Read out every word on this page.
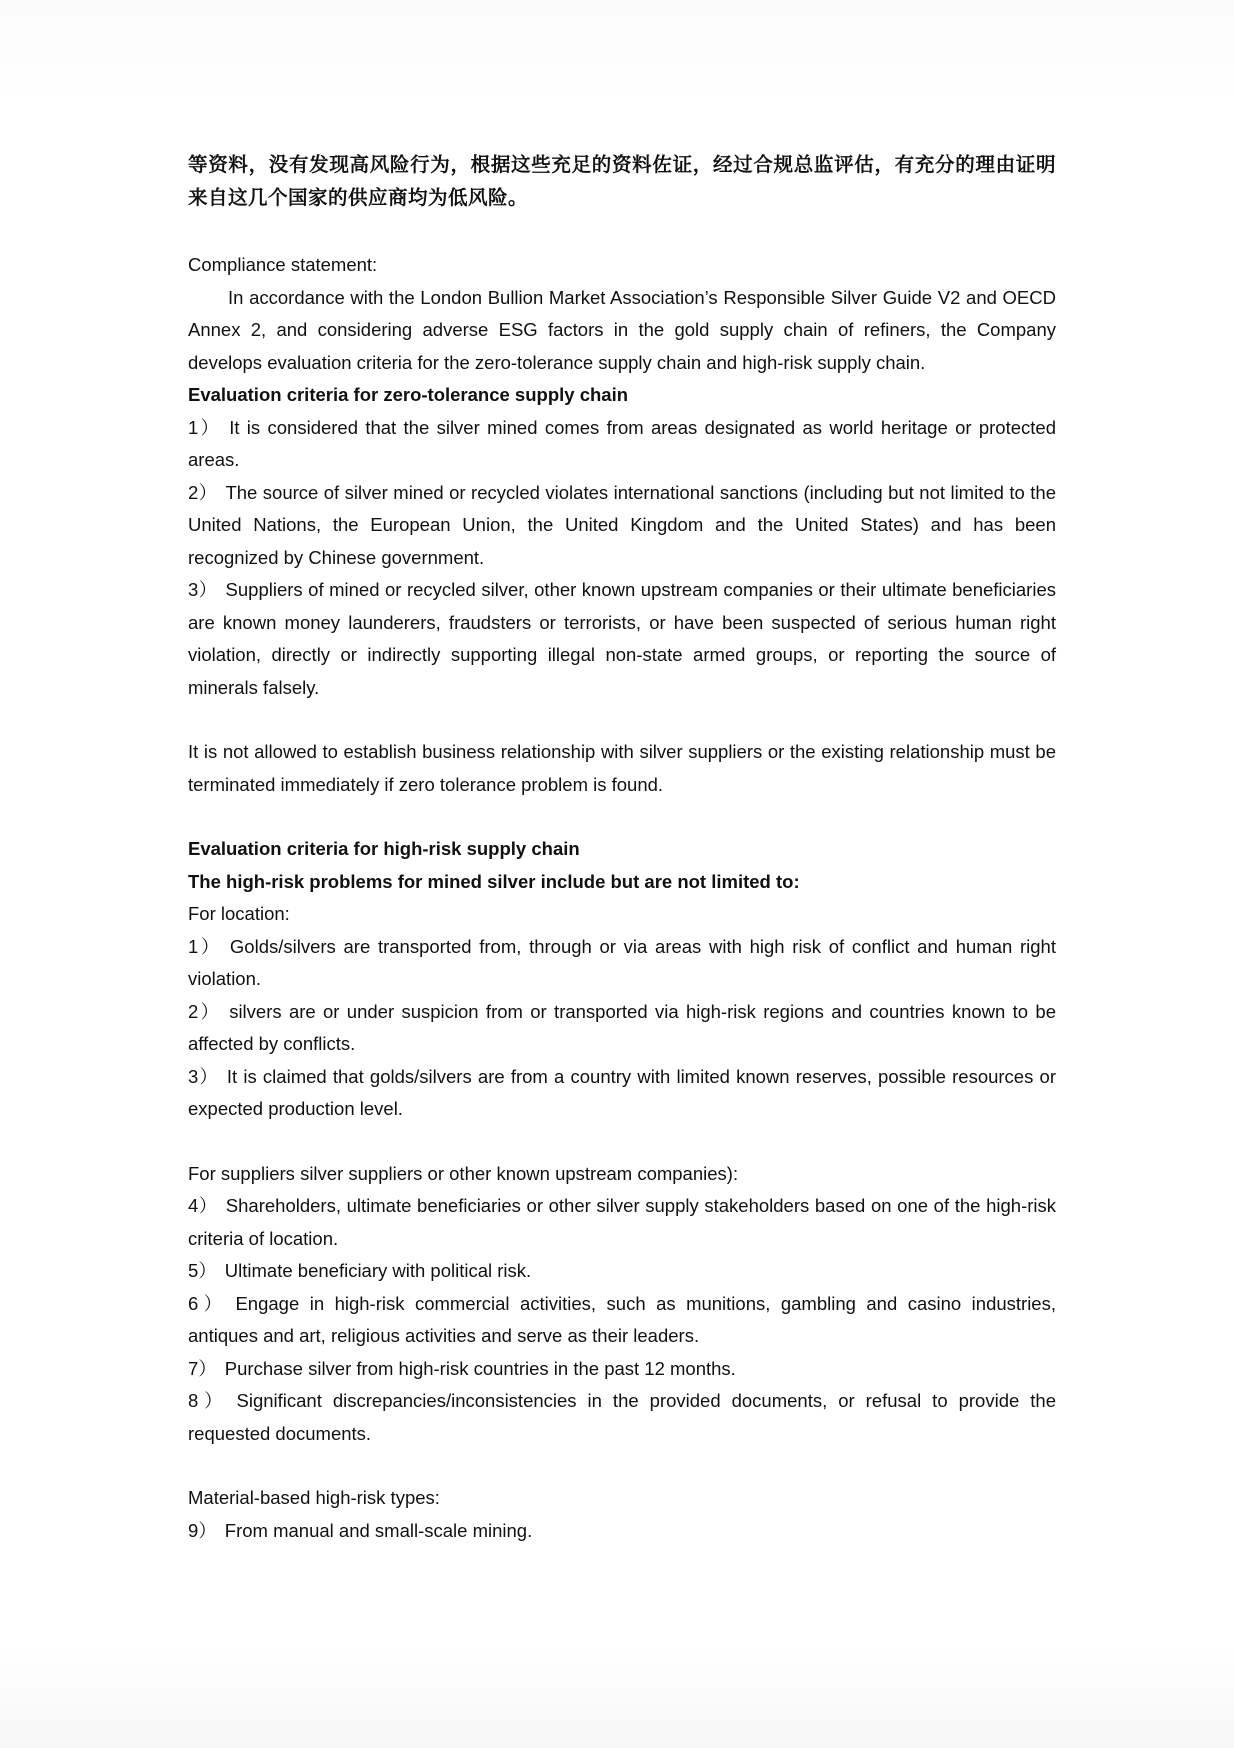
等资料，没有发现高风险行为，根据这些充足的资料佐证，经过合规总监评估，有充分的理由证明来自这几个国家的供应商均为低风险。

Compliance statement:

In accordance with the London Bullion Market Association’s Responsible Silver Guide V2 and OECD Annex 2, and considering adverse ESG factors in the gold supply chain of refiners, the Company develops evaluation criteria for the zero-tolerance supply chain and high-risk supply chain.

Evaluation criteria for zero-tolerance supply chain

1） It is considered that the silver mined comes from areas designated as world heritage or protected areas.

2） The source of silver mined or recycled violates international sanctions (including but not limited to the United Nations, the European Union, the United Kingdom and the United States) and has been recognized by Chinese government.

3） Suppliers of mined or recycled silver, other known upstream companies or their ultimate beneficiaries are known money launderers, fraudsters or terrorists, or have been suspected of serious human right violation, directly or indirectly supporting illegal non-state armed groups, or reporting the source of minerals falsely.

It is not allowed to establish business relationship with silver suppliers or the existing relationship must be terminated immediately if zero tolerance problem is found.

Evaluation criteria for high-risk supply chain

The high-risk problems for mined silver include but are not limited to:

For location:

1） Golds/silvers are transported from, through or via areas with high risk of conflict and human right violation.

2） silvers are or under suspicion from or transported via high-risk regions and countries known to be affected by conflicts.

3） It is claimed that golds/silvers are from a country with limited known reserves, possible resources or expected production level.

For suppliers silver suppliers or other known upstream companies):

4） Shareholders, ultimate beneficiaries or other silver supply stakeholders based on one of the high-risk criteria of location.

5） Ultimate beneficiary with political risk.

6） Engage in high-risk commercial activities, such as munitions, gambling and casino industries, antiques and art, religious activities and serve as their leaders.

7） Purchase silver from high-risk countries in the past 12 months.

8） Significant discrepancies/inconsistencies in the provided documents, or refusal to provide the requested documents.

Material-based high-risk types:

9） From manual and small-scale mining.
